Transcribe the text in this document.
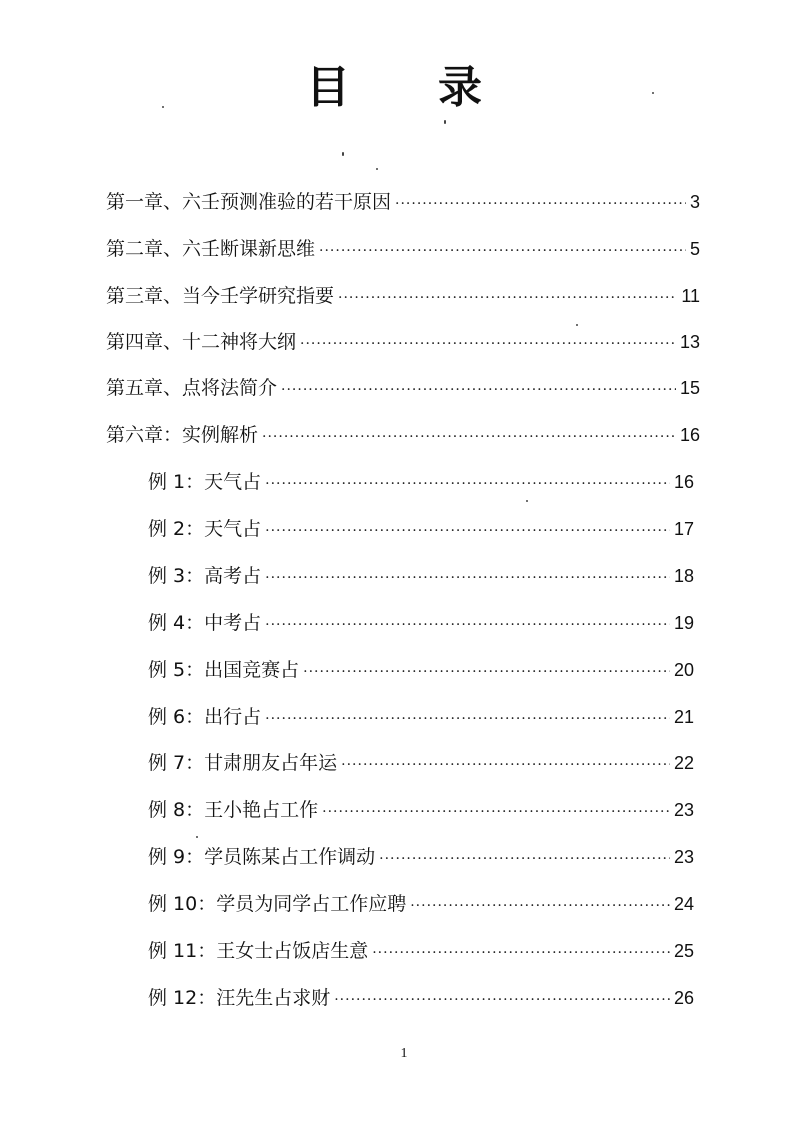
目 录
第一章、六壬预测准验的若干原因 ·····	3
第二章、六壬断课新思维 ·····	5
第三章、当今壬学研究指要 ·····	11
第四章、十二神将大纲 ·····	13
第五章、点将法简介 ·····	15
第六章：实例解析 ·····	16
例 1：天气占 ·····	16
例 2：天气占 ·····	17
例 3：高考占 ·····	18
例 4：中考占 ·····	19
例 5：出国竞赛占 ·····	20
例 6：出行占 ·····	21
例 7：甘肃朋友占年运 ·····	22
例 8：王小艳占工作 ·····	23
例 9：学员陈某占工作调动 ·····	23
例 10：学员为同学占工作应聘 ·····	24
例 11：王女士占饭店生意 ·····	25
例 12：汪先生占求财 ·····	26
1
